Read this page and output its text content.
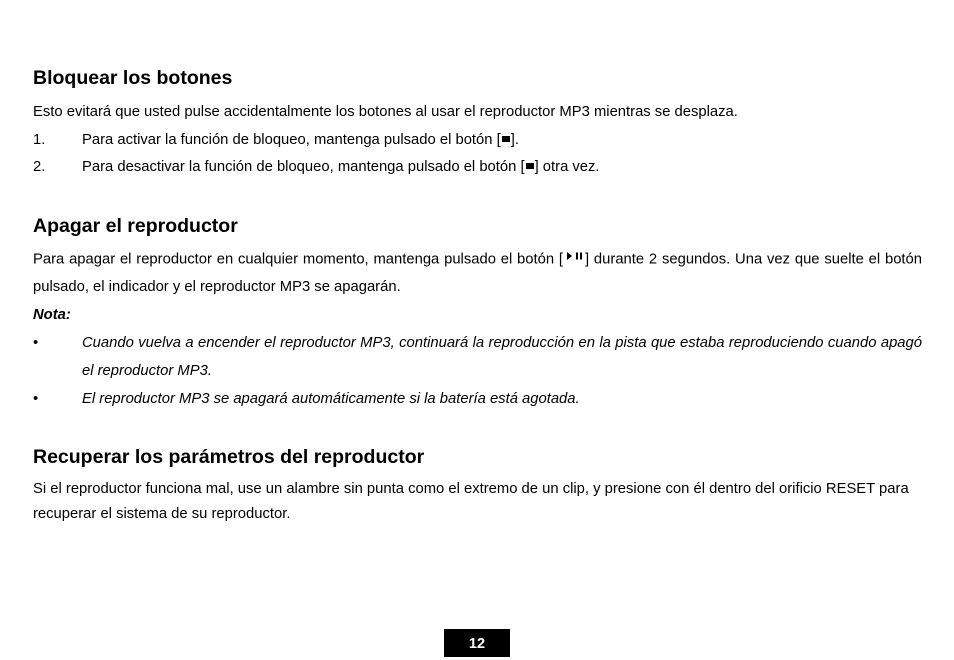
Bloquear los botones

Esto evitará que usted pulse accidentalmente los botones al usar el reproductor MP3 mientras se desplaza.

1. Para activar la función de bloqueo, mantenga pulsado el botón [ ].
2. Para desactivar la función de bloqueo, mantenga pulsado el botón [ ] otra vez.
Apagar el reproductor

Para apagar el reproductor en cualquier momento, mantenga pulsado el botón [ ] durante 2 segundos. Una vez que suelte el botón pulsado, el indicador y el reproductor MP3 se apagarán.

Nota:
•	Cuando vuelva a encender el reproductor MP3, continuará la reproducción en la pista que estaba reproduciendo cuando apagó el reproductor MP3.
•	El reproductor MP3 se apagará automáticamente si la batería está agotada.
Recuperar los parámetros del reproductor

Si el reproductor funciona mal, use un alambre sin punta como el extremo de un clip, y presione con él dentro del orificio RESET para recuperar el sistema de su reproductor.

12
